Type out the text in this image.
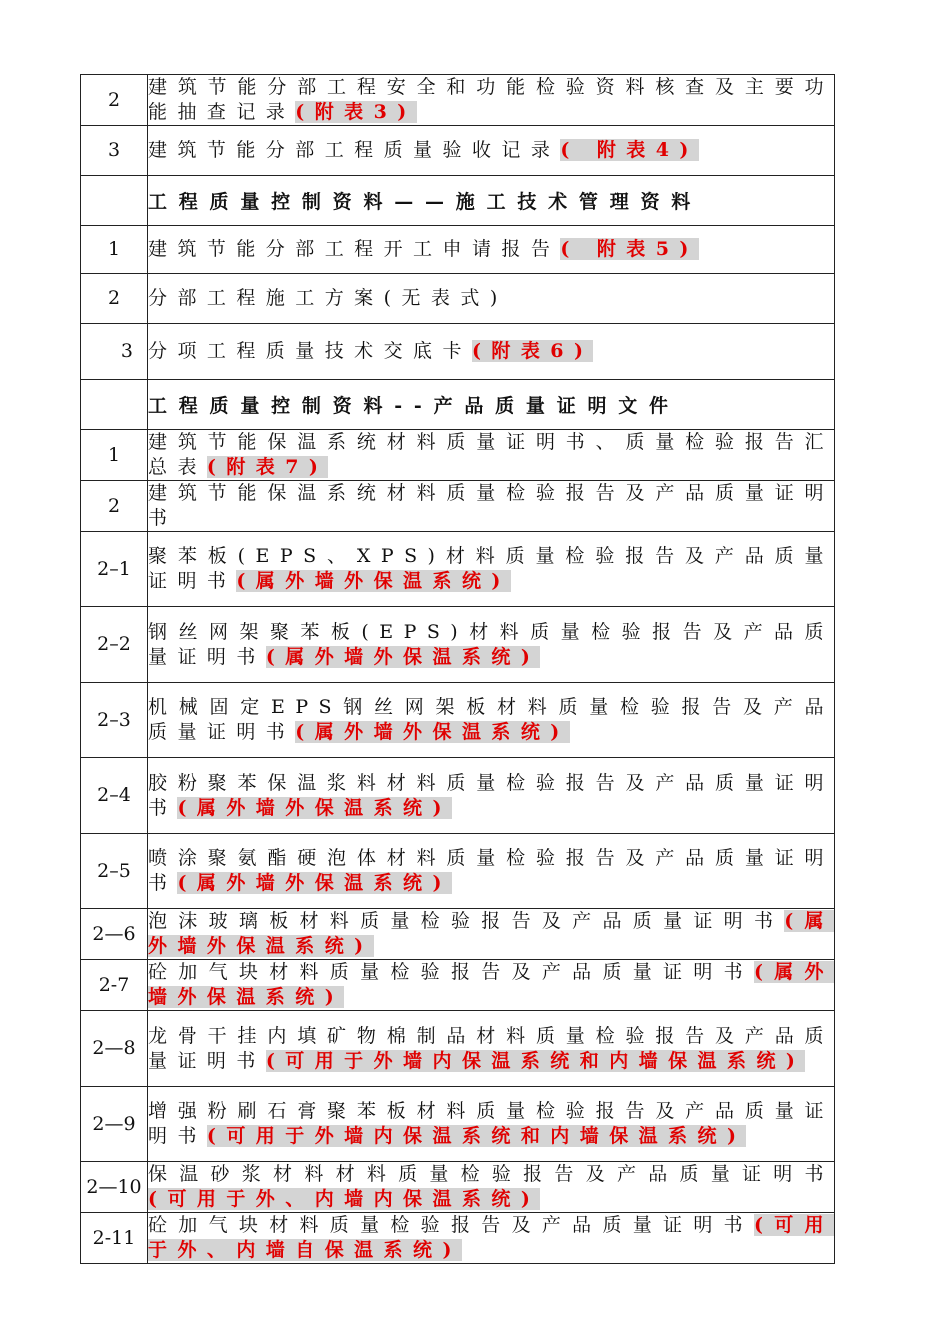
2	建筑节能分部工程安全和功能检验资料核查及主要功能抽查记录(附表3)

3	建筑节能分部工程质量验收记录( 附表4)
	工程质量控制资料——施工技术管理资料

1	建筑节能分部工程开工申请报告( 附表5)

2	分部工程施工方案(无表式)

3	分项工程质量技术交底卡(附表6)
	工程质量控制资料--产品质量证明文件

1	建筑节能保温系统材料质量证明书、质量检验报告汇总表(附表7)

2	建筑节能保温系统材料质量检验报告及产品质量证明书

2–1	聚苯板(EPS、XPS)材料质量检验报告及产品质量证明书(属外墙外保温系统)

2–2	钢丝网架聚苯板(EPS)材料质量检验报告及产品质量证明书(属外墙外保温系统)

2–3	机械固定EPS钢丝网架板材料质量检验报告及产品质量证明书(属外墙外保温系统)

2–4	胶粉聚苯保温浆料材料质量检验报告及产品质量证明书(属外墙外保温系统)

2–5	喷涂聚氨酯硬泡体材料质量检验报告及产品质量证明书(属外墙外保温系统)

2—6	泡沫玻璃板材料质量检验报告及产品质量证明书(属外墙外保温系统)

2-7	砼加气块材料质量检验报告及产品质量证明书(属外墙外保温系统)

2—8	龙骨干挂内填矿物棉制品材料质量检验报告及产品质量证明书(可用于外墙内保温系统和内墙保温系统)

2—9	增强粉刷石膏聚苯板材料质量检验报告及产品质量证明书(可用于外墙内保温系统和内墙保温系统)

2—10	保温砂浆材料材料质量检验报告及产品质量证明书(可用于外、内墙内保温系统)

2-11	砼加气块材料质量检验报告及产品质量证明书(可用于外、内墙自保温系统)
